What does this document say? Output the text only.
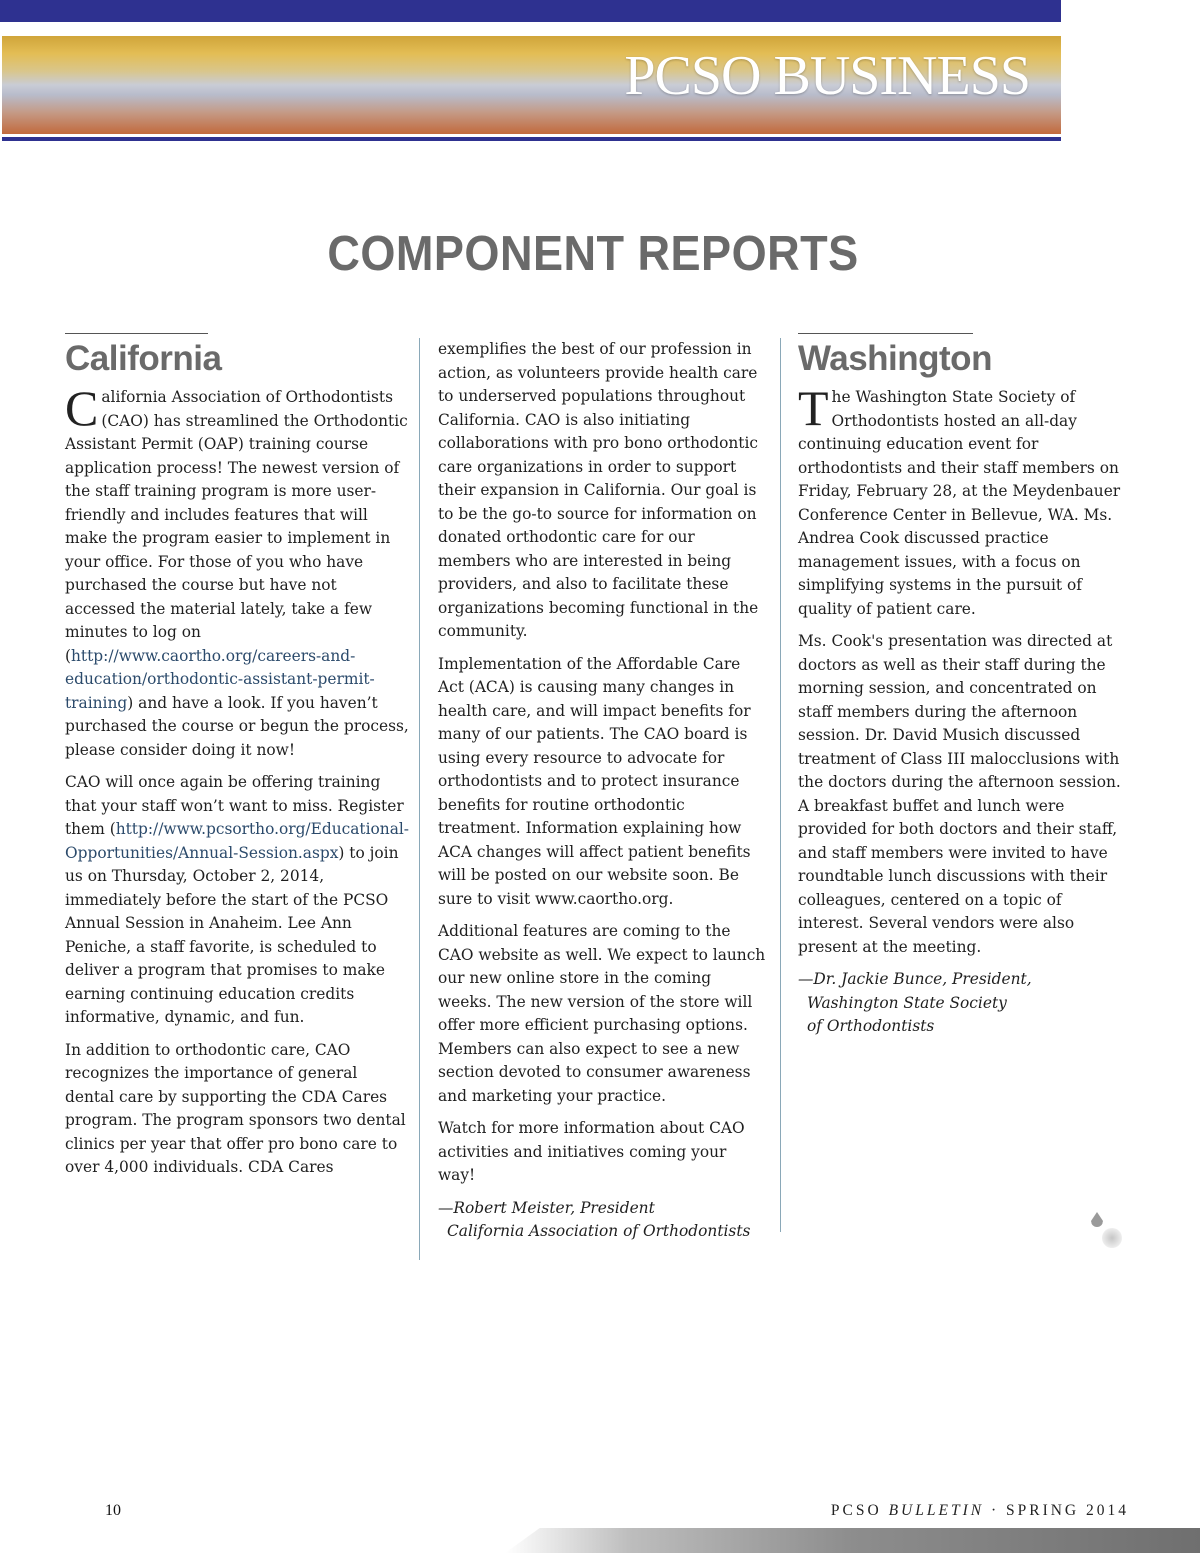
PCSO BUSINESS
COMPONENT REPORTS
California

California Association of Orthodontists (CAO) has streamlined the Orthodontic Assistant Permit (OAP) training course application process! The newest version of the staff training program is more user-friendly and includes features that will make the program easier to implement in your office. For those of you who have purchased the course but have not accessed the material lately, take a few minutes to log on (http://www.caortho.org/careers-and-education/orthodontic-assistant-permit-training) and have a look. If you haven’t purchased the course or begun the process, please consider doing it now!

CAO will once again be offering training that your staff won’t want to miss. Register them (http://www.pcsortho.org/Educational-Opportunities/Annual-Session.aspx) to join us on Thursday, October 2, 2014, immediately before the start of the PCSO Annual Session in Anaheim. Lee Ann Peniche, a staff favorite, is scheduled to deliver a program that promises to make earning continuing education credits informative, dynamic, and fun.

In addition to orthodontic care, CAO recognizes the importance of general dental care by supporting the CDA Cares program. The program sponsors two dental clinics per year that offer pro bono care to over 4,000 individuals. CDA Cares

exemplifies the best of our profession in action, as volunteers provide health care to underserved populations throughout California. CAO is also initiating collaborations with pro bono orthodontic care organizations in order to support their expansion in California. Our goal is to be the go-to source for information on donated orthodontic care for our members who are interested in being providers, and also to facilitate these organizations becoming functional in the community.

Implementation of the Affordable Care Act (ACA) is causing many changes in health care, and will impact benefits for many of our patients. The CAO board is using every resource to advocate for orthodontists and to protect insurance benefits for routine orthodontic treatment. Information explaining how ACA changes will affect patient benefits will be posted on our website soon. Be sure to visit www.caortho.org.

Additional features are coming to the CAO website as well. We expect to launch our new online store in the coming weeks. The new version of the store will offer more efficient purchasing options. Members can also expect to see a new section devoted to consumer awareness and marketing your practice.

Watch for more information about CAO activities and initiatives coming your way!

—Robert Meister, President
California Association of Orthodontists
Washington

The Washington State Society of Orthodontists hosted an all-day continuing education event for orthodontists and their staff members on Friday, February 28, at the Meydenbauer Conference Center in Bellevue, WA. Ms. Andrea Cook discussed practice management issues, with a focus on simplifying systems in the pursuit of quality of patient care.

Ms. Cook's presentation was directed at doctors as well as their staff during the morning session, and concentrated on staff members during the afternoon session. Dr. David Musich discussed treatment of Class III malocclusions with the doctors during the afternoon session. A breakfast buffet and lunch were provided for both doctors and their staff, and staff members were invited to have roundtable lunch discussions with their colleagues, centered on a topic of interest. Several vendors were also present at the meeting.

—Dr. Jackie Bunce, President,
Washington State Society
of Orthodontists
10	PCSO BULLETIN · SPRING 2014
